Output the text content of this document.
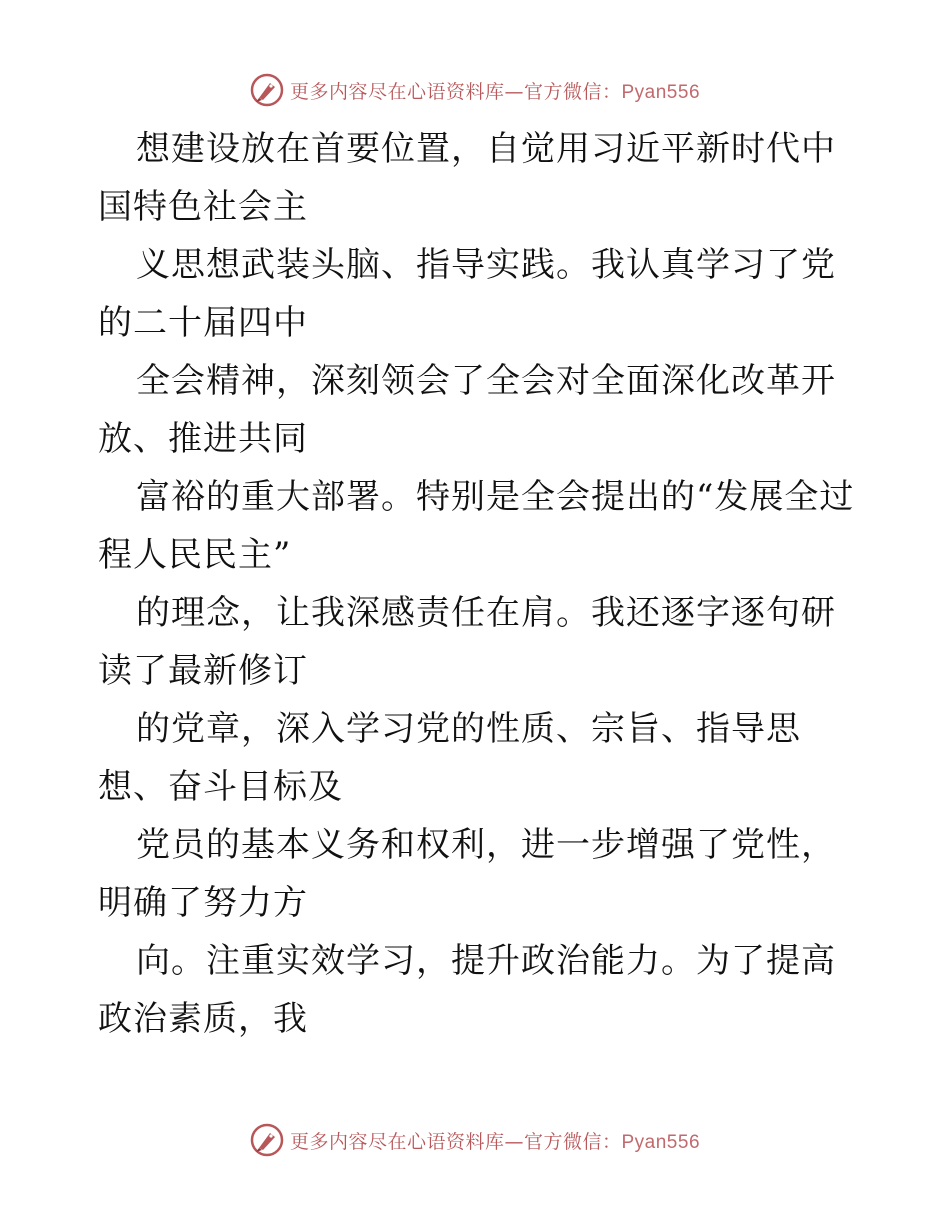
更多内容尽在心语资料库—官方微信：Pyan556

想建设放在首要位置，自觉用习近平新时代中国特色社会主

义思想武装头脑、指导实践。我认真学习了党的二十届四中

全会精神，深刻领会了全会对全面深化改革开放、推进共同

富裕的重大部署。特别是全会提出的“发展全过程人民民主”

的理念，让我深感责任在肩。我还逐字逐句研读了最新修订

的党章，深入学习党的性质、宗旨、指导思想、奋斗目标及

党员的基本义务和权利，进一步增强了党性，明确了努力方

向。注重实效学习，提升政治能力。为了提高政治素质，我

更多内容尽在心语资料库—官方微信：Pyan556
